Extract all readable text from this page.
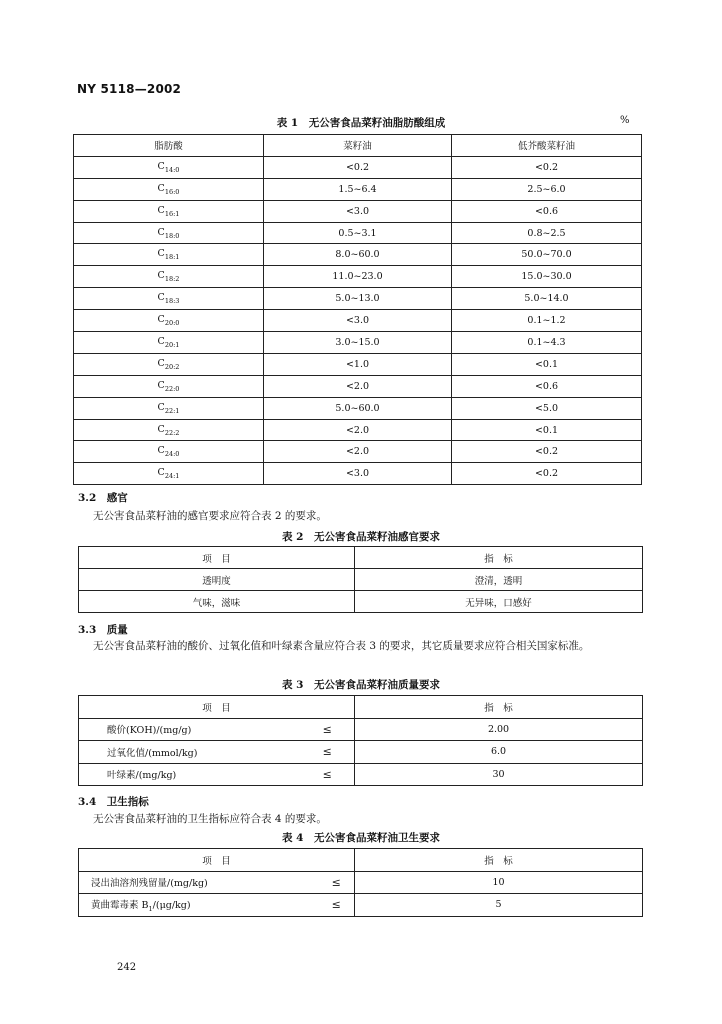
NY 5118—2002
表 1　无公害食品菜籽油脂肪酸组成	%
脂肪酸	菜籽油	低芥酸菜籽油
$C_{14:0}$	<0.2	<0.2
$C_{16:0}$	1.5~6.4	2.5~6.0
$C_{16:1}$	<3.0	<0.6
$C_{18:0}$	0.5~3.1	0.8~2.5
$C_{18:1}$	8.0~60.0	50.0~70.0
$C_{18:2}$	11.0~23.0	15.0~30.0
$C_{18:3}$	5.0~13.0	5.0~14.0
$C_{20:0}$	<3.0	0.1~1.2
$C_{20:1}$	3.0~15.0	0.1~4.3
$C_{20:2}$	<1.0	<0.1
$C_{22:0}$	<2.0	<0.6
$C_{22:1}$	5.0~60.0	<5.0
$C_{22:2}$	<2.0	<0.1
$C_{24:0}$	<2.0	<0.2
$C_{24:1}$	<3.0	<0.2
3.2　感官
无公害食品菜籽油的感官要求应符合表 2 的要求。
表 2　无公害食品菜籽油感官要求
项　目	指　标
透明度	澄清，透明
气味，滋味	无异味，口感好
3.3　质量
无公害食品菜籽油的酸价、过氧化值和叶绿素含量应符合表 3 的要求，其它质量要求应符合相关国家标准。
表 3　无公害食品菜籽油质量要求
项　目		指　标
酸价(KOH)/(mg/g)	≤	2.00
过氧化值/(mmol/kg)	≤	6.0
叶绿素/(mg/kg)	≤	30
3.4　卫生指标
无公害食品菜籽油的卫生指标应符合表 4 的要求。
表 4　无公害食品菜籽油卫生要求
项　目		指　标
浸出油溶剂残留量/(mg/kg)	≤	10
黄曲霉毒素 $B_1/(\mu g/kg)$	≤	5
242
